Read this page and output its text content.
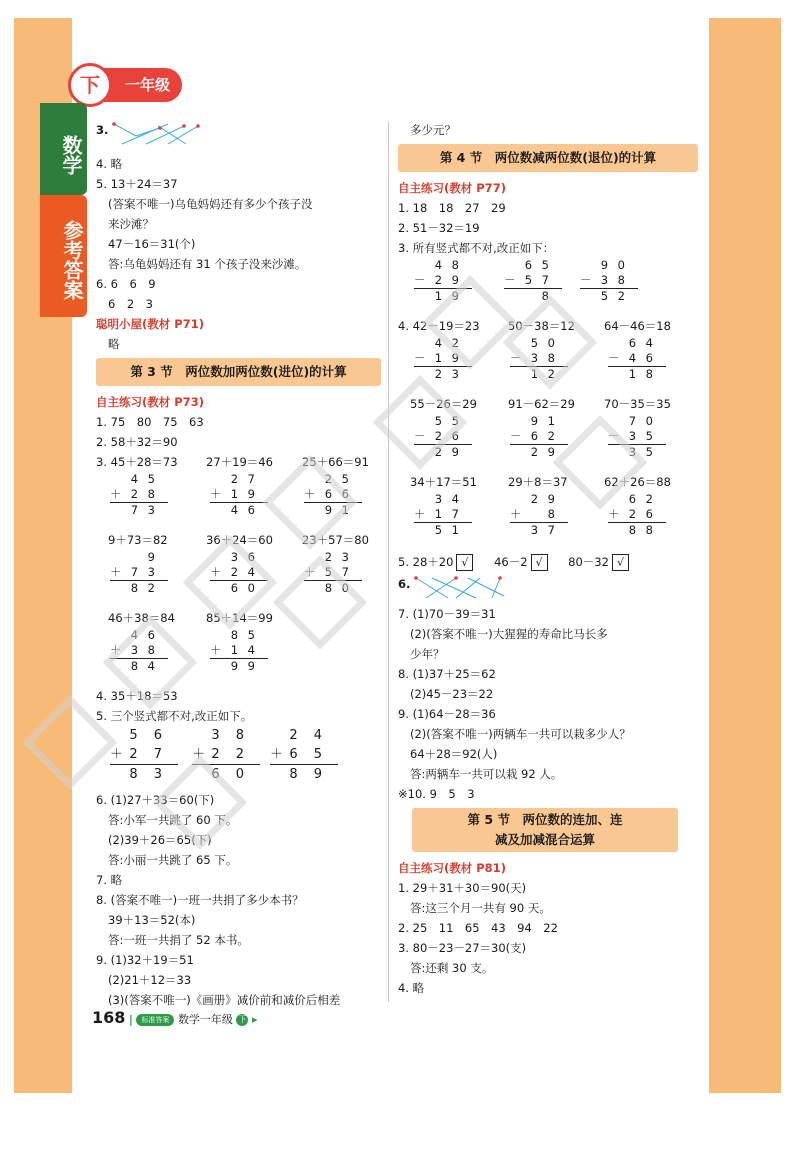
一年级
下
数学
参考答案
3.
4. 略
5. 13＋24＝37
(答案不唯一)乌龟妈妈还有多少个孩子没
来沙滩？
47－16＝31(个)
答:乌龟妈妈还有 31 个孩子没来沙滩。
6. 6　6　9
6　2　3
聪明小屋(教材 P71)
略
第 3 节　两位数加两位数(进位)的计算
自主练习(教材 P73)
1. 75　80　75　63
2. 58＋32＝90
3. 45＋28＝73 27＋19＝46	25＋66＝91
4 5
＋ 2 8
7 3
2 7
＋ 1 9
4 6
2 5
＋ 6 6
9 1
9＋73＝82	36＋24＝60	23＋57＝80
9
＋ 7 3
8 2
3 6
＋ 2 4
6 0
2 3
＋ 5 7
8 0
46＋38＝84	85＋14＝99
4 6
＋ 3 8
8 4
8 5
＋ 1 4
9 9
4. 35＋18＝53
5. 三个竖式都不对,改正如下。
5 6
＋ 2 7
8 3
3 8
＋ 2 2
6 0
2 4
＋ 6 5
8 9
6. (1)27＋33＝60(下)
答:小军一共跳了 60 下。
(2)39＋26＝65(下)
答:小丽一共跳了 65 下。
7. 略
8. (答案不唯一)一班一共捐了多少本书？
39＋13＝52(本)
答:一班一共捐了 52 本书。
9. (1)32＋19＝51
(2)21＋12＝33
(3)(答案不唯一)《画册》减价前和减价后相差
多少元？
第 4 节　两位数减两位数(退位)的计算
自主练习(教材 P77)
1. 18　18　27　29
2. 51－32＝19
3. 所有竖式都不对,改正如下：
4 8
－ 2 9
1 9
6 5
－ 5 7
8
9 0
－ 3 8
5 2
4. 42－19＝23 50－38＝12	64－46＝18
4 2
－ 1 9
2 3
5 0
－ 3 8
1 2
6 4
－ 4 6
1 8
55－26＝29	91－62＝29	70－35＝35
5 5
－ 2 6
2 9
9 1
－ 6 2
2 9
7 0
－ 3 5
3 5
34＋17＝51	29＋8＝37	62＋26＝88
3 4
＋ 1 7
5 1
2 9
＋	8
3 7
6 2
＋ 2 6
8 8
5. 28＋20 √ 46－2 √ 80－32 √
6.
7. (1)70－39＝31
(2)(答案不唯一)大猩猩的寿命比马长多
少年？
8. (1)37＋25＝62
(2)45－23＝22
9. (1)64－28＝36
(2)(答案不唯一)两辆车一共可以栽多少人？
64＋28＝92(人)
答:两辆车一共可以栽 92 人。
※10. 9　5　3
第 5 节　两位数的连加、连
减及加减混合运算
自主练习(教材 P81)
1. 29＋31＋30＝90(天)
答:这三个月一共有 90 天。
2. 25　11　65　43　94　22
3. 80－23－27＝30(支)
答:还剩 30 支。
4. 略
168 | 标准答案 数学一年级 下 ▸
